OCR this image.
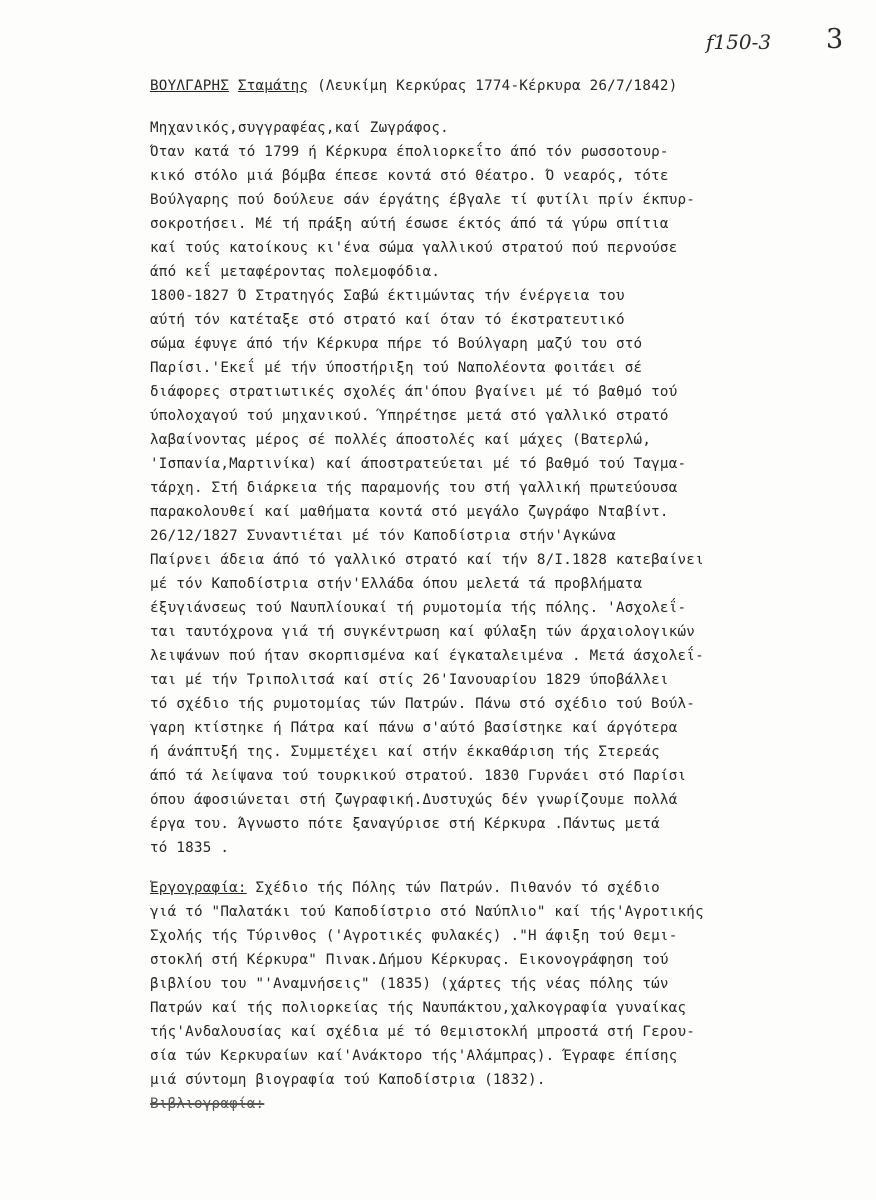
f150-3 3
ΒΟΥΛΓΑΡΗΣ Σταμάτης (Λευκίμη Κερκύρας 1774-Κέρκυρα 26/7/1842)
Μηχανικός,συγγραφέας,καί Ζωγράφος.
Όταν κατά τό 1799 ή Κέρκυρα έπολιορκεΐτο άπό τόν ρωσσοτουρ-
κικό στόλο μιά βόμβα έπεσε κοντά στό Θέατρο. Ό νεαρός, τότε
Βούλγαρης πού δούλευε σάν έργάτης έβγαλε τί φυτίλι πρίν έκπυρ-
σοκροτήσει. Μέ τή πράξη αύτή έσωσε έκτός άπό τά γύρω σπίτια
καί τούς κατοίκους κι'ένα σώμα γαλλικού στρατού πού περνούσε
άπό κεΐ μεταφέροντας πολεμοφόδια.
1800-1827 Ό Στρατηγός Σαβώ έκτιμώντας τήν ένέργεια του
αύτή τόν κατέταξε στό στρατό καί όταν τό έκστρατευτικό
σώμα έφυγε άπό τήν Κέρκυρα πήρε τό Βούλγαρη μαζύ του στό
Παρίσι.'Εκεΐ μέ τήν ύποστήριξη τού Ναπολέοντα φοιτάει σέ
διάφορες στρατιωτικές σχολές άπ'όπου βγαίνει μέ τό βαθμό τού
ύπολοχαγού τού μηχανικού. Ύπηρέτησε μετά στό γαλλικό στρατό
λαβαίνοντας μέρος σέ πολλές άποστολές καί μάχες (Βατερλώ,
'Ισπανία,Μαρτινίκα) καί άποστρατεύεται μέ τό βαθμό τού Ταγμα-
τάρχη. Στή διάρκεια τής παραμονής του στή γαλλική πρωτεύουσα
παρακολουθεί καί μαθήματα κοντά στό μεγάλο ζωγράφο Νταβίντ.
26/12/1827 Συναντιέται μέ τόν Καποδίστρια στήν'Αγκώνα
Παίρνει άδεια άπό τό γαλλικό στρατό καί τήν 8/Ι.1828 κατεβαίνει
μέ τόν Καποδίστρια στήν'Ελλάδα όπου μελετά τά προβλήματα
έξυγιάνσεως τού Ναυπλίουκαί τή ρυμοτομία τής πόλης. 'Ασχολεΐ-
ται ταυτόχρονα γιά τή συγκέντρωση καί φύλαξη τών άρχαιολογικών
λειψάνων πού ήταν σκορπισμένα καί έγκαταλειμένα . Μετά άσχολεΐ-
ται μέ τήν Τριπολιτσά καί στίς 26'Ιανουαρίου 1829 ύποβάλλει
τό σχέδιο τής ρυμοτομίας τών Πατρών. Πάνω στό σχέδιο τού Βούλ-
γαρη κτίστηκε ή Πάτρα καί πάνω σ'αύτό βασίστηκε καί άργότερα
ή άνάπτυξή της. Συμμετέχει καί στήν έκκαθάριση τής Στερεάς
άπό τά λείψανα τού τουρκικού στρατού. 1830 Γυρνάει στό Παρίσι
όπου άφοσιώνεται στή ζωγραφική.Δυστυχώς δέν γνωρίζουμε πολλά
έργα του. Άγνωστο πότε ξαναγύρισε στή Κέρκυρα .Πάντως μετά
τό 1835 .
Έργογραφία: Σχέδιο τής Πόλης τών Πατρών. Πιθανόν τό σχέδιο
γιά τό "Παλατάκι τού Καποδίστριο στό Ναύπλιο" καί τής'Αγροτικής
Σχολής τής Τύρινθος ('Αγροτικές φυλακές) ."Η άφιξη τού Θεμι-
στοκλή στή Κέρκυρα" Πινακ.Δήμου Κέρκυρας. Εικονογράφηση τού
βιβλίου του "'Αναμνήσεις" (1835) (χάρτες τής νέας πόλης τών
Πατρών καί τής πολιορκείας τής Ναυπάκτου,χαλκογραφία γυναίκας
τής'Ανδαλουσίας καί σχέδια μέ τό Θεμιστοκλή μπροστά στή Γερου-
σία τών Κερκυραίων καί'Ανάκτορο τής'Αλάμπρας). Έγραφε έπίσης
μιά σύντομη βιογραφία τού Καποδίστρια (1832).
Βιβλιογραφία:
